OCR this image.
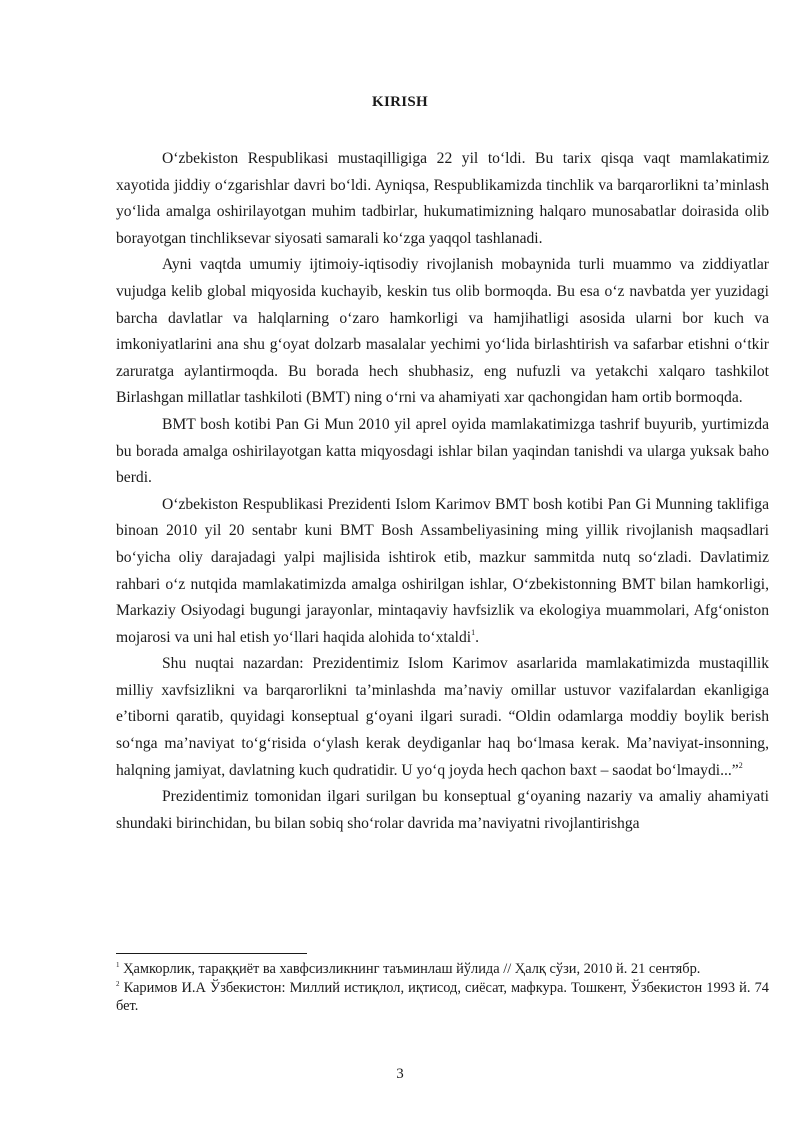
KIRISH

O‘zbekiston Respublikasi mustaqilligiga 22 yil to‘ldi. Bu tarix qisqa vaqt mamlakatimiz xayotida jiddiy o‘zgarishlar davri bo‘ldi. Ayniqsa, Respublikamizda tinchlik va barqarorlikni ta’minlash yo‘lida amalga oshirilayotgan muhim tadbirlar, hukumatimizning halqaro munosabatlar doirasida olib borayotgan tinchliksevar siyosati samarali ko‘zga yaqqol tashlanadi.

Ayni vaqtda umumiy ijtimoiy-iqtisodiy rivojlanish mobaynida turli muammo va ziddiyatlar vujudga kelib global miqyosida kuchayib, keskin tus olib bormoqda. Bu esa o‘z navbatda yer yuzidagi barcha davlatlar va halqlarning o‘zaro hamkorligi va hamjihatligi asosida ularni bor kuch va imkoniyatlarini ana shu g‘oyat dolzarb masalalar yechimi yo‘lida birlashtirish va safarbar etishni o‘tkir zaruratga aylantirmoqda. Bu borada hech shubhasiz, eng nufuzli va yetakchi xalqaro tashkilot Birlashgan millatlar tashkiloti (BMT) ning o‘rni va ahamiyati xar qachongidan ham ortib bormoqda.

BMT bosh kotibi Pan Gi Mun 2010 yil aprel oyida mamlakatimizga tashrif buyurib, yurtimizda bu borada amalga oshirilayotgan katta miqyosdagi ishlar bilan yaqindan tanishdi va ularga yuksak baho berdi.

O‘zbekiston Respublikasi Prezidenti Islom Karimov BMT bosh kotibi Pan Gi Munning taklifiga binoan 2010 yil 20 sentabr kuni BMT Bosh Assambeliyasining ming yillik rivojlanish maqsadlari bo‘yicha oliy darajadagi yalpi majlisida ishtirok etib, mazkur sammitda nutq so‘zladi. Davlatimiz rahbari o‘z nutqida mamlakatimizda amalga oshirilgan ishlar, O‘zbekistonning BMT bilan hamkorligi, Markaziy Osiyodagi bugungi jarayonlar, mintaqaviy havfsizlik va ekologiya muammolari, Afg‘oniston mojarosi va uni hal etish yo‘llari haqida alohida to‘xtaldi$^1$.

Shu nuqtai nazardan: Prezidentimiz Islom Karimov asarlarida mamlakatimizda mustaqillik milliy xavfsizlikni va barqarorlikni ta’minlashda ma’naviy omillar ustuvor vazifalardan ekanligiga e’tiborni qaratib, quyidagi konseptual g‘oyani ilgari suradi. “Oldin odamlarga moddiy boylik berish so‘nga ma’naviyat to‘g‘risida o‘ylash kerak deydiganlar haq bo‘lmasa kerak. Ma’naviyat-insonning, halqning jamiyat, davlatning kuch qudratidir. U yo‘q joyda hech qachon baxt – saodat bo‘lmaydi...”$^2$

Prezidentimiz tomonidan ilgari surilgan bu konseptual g‘oyaning nazariy va amaliy ahamiyati shundaki birinchidan, bu bilan sobiq sho‘rolar davrida ma’naviyatni rivojlantirishga

$^1$ Ҳамкорлик, тараққиёт ва хавфсизликнинг таъминлаш йўлида // Ҳалқ сўзи, 2010 й. 21 сентябр.

$^2$ Каримов И.А Ўзбекистон: Миллий истиқлол, иқтисод, сиёсат, мафкура. Тошкент, Ўзбекистон 1993 й. 74 бет.

3
